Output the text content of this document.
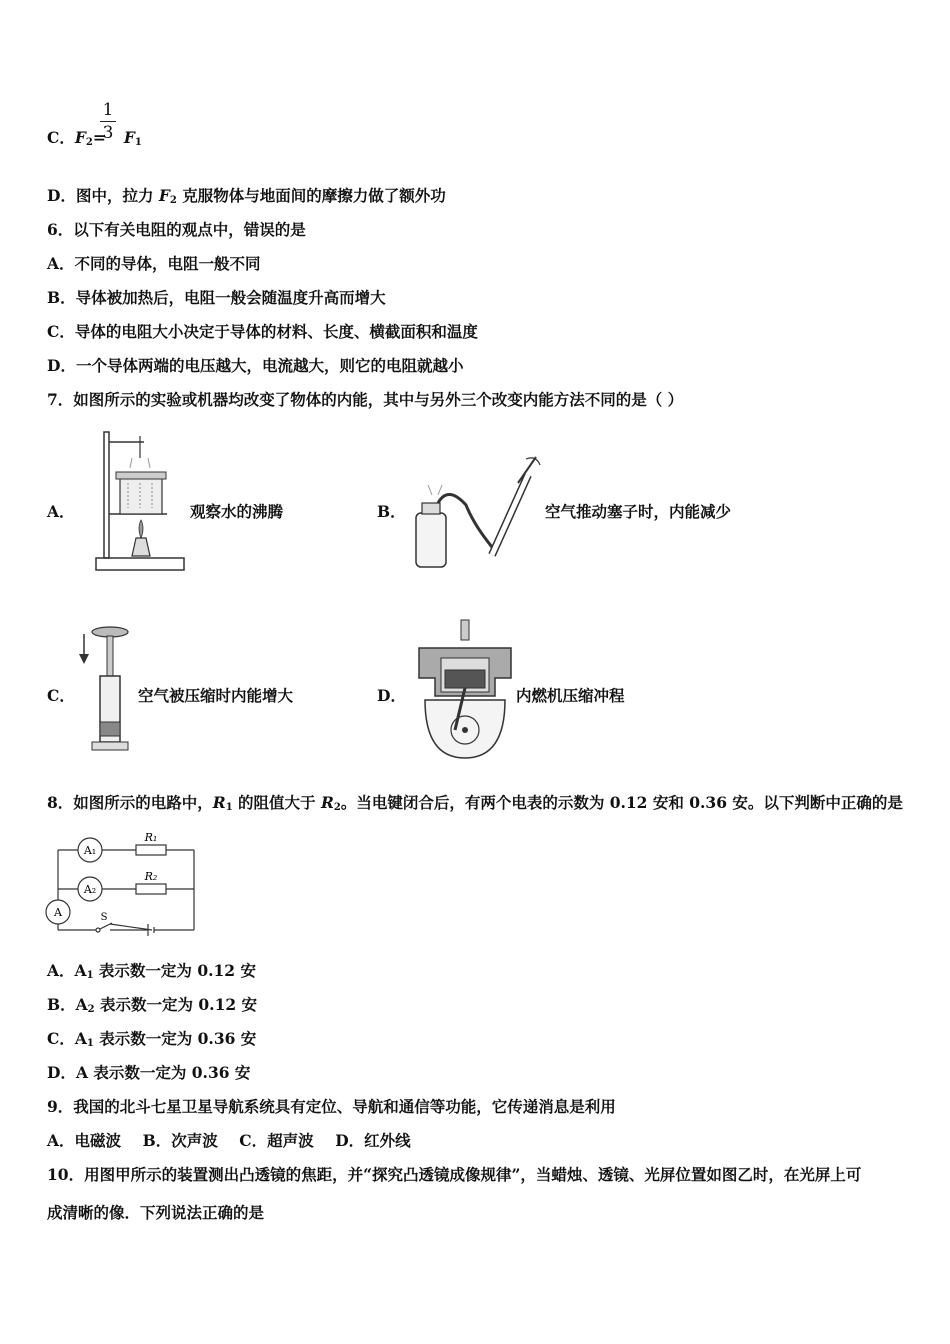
C．$F_2= F_1$
1
3
D．图中，拉力 $F_2$ 克服物体与地面间的摩擦力做了额外功
6．以下有关电阻的观点中，错误的是
A．不同的导体，电阻一般不同
B．导体被加热后，电阻一般会随温度升高而增大
C．导体的电阻大小决定于导体的材料、长度、横截面积和温度
D．一个导体两端的电压越大，电流越大，则它的电阻就越小
7．如图所示的实验或机器均改变了物体的内能，其中与另外三个改变内能方法不同的是（ ）
A．	观察水的沸腾	B．	空气推动塞子时，内能减少
C．	空气被压缩时内能增大	D．	内燃机压缩冲程
8．如图所示的电路中，$R_1$ 的阻值大于 $R_2$。当电键闭合后，有两个电表的示数为 0.12 安和 0.36 安。以下判断中正确的是
A₁
A₂
A
R₁
R₂
S
A．$A_1$ 表示数一定为 0.12 安
B．$A_2$ 表示数一定为 0.12 安
C．$A_1$ 表示数一定为 0.36 安
D．A 表示数一定为 0.36 安
9．我国的北斗七星卫星导航系统具有定位、导航和通信等功能，它传递消息是利用
A．电磁波    B．次声波    C．超声波    D．红外线
10．用图甲所示的装置测出凸透镜的焦距，并“探究凸透镜成像规律”，当蜡烛、透镜、光屏位置如图乙时，在光屏上可
成清晰的像．下列说法正确的是
